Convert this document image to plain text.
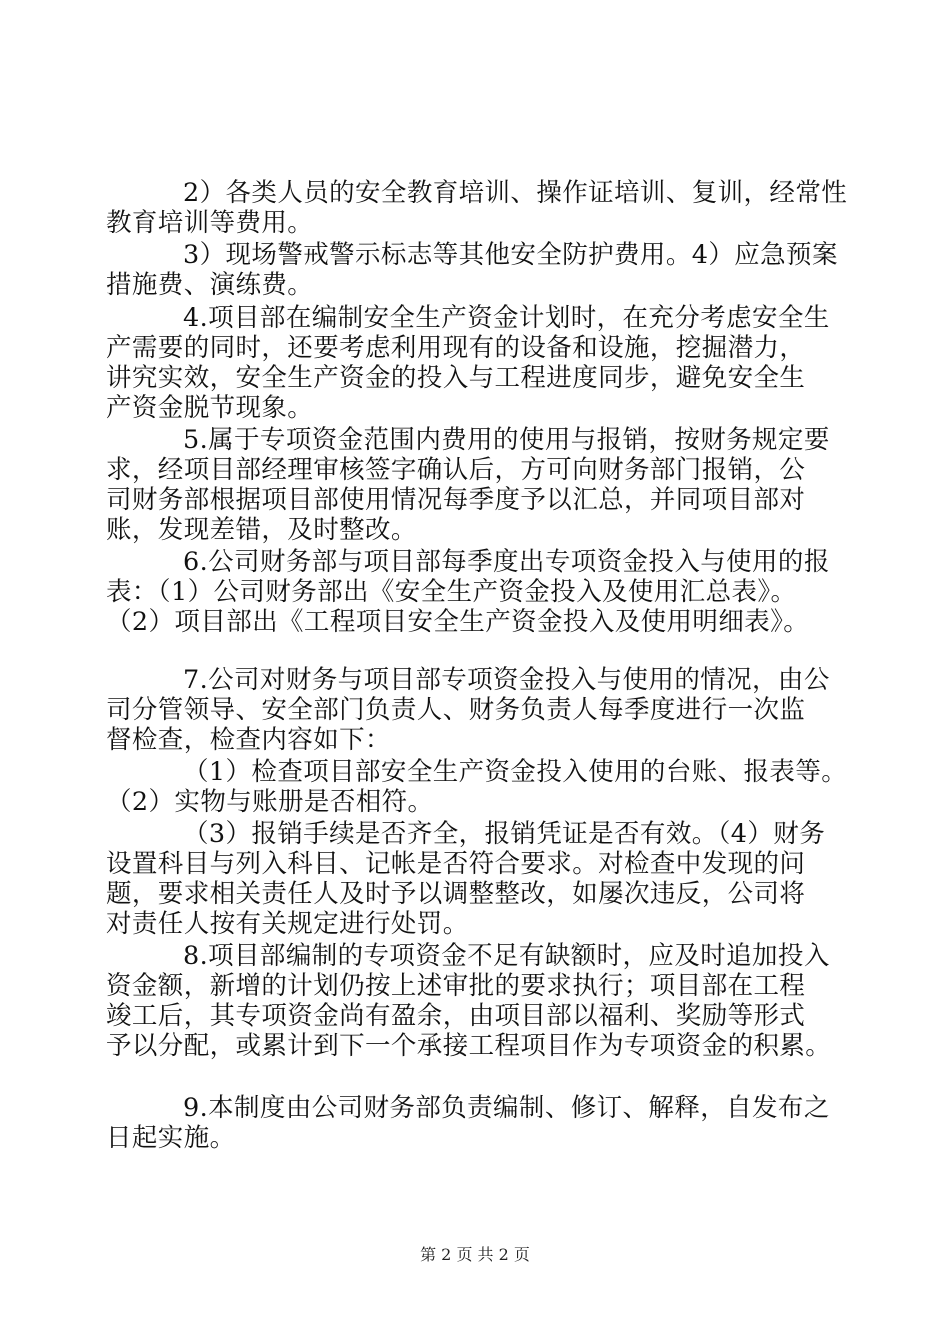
2）各类人员的安全教育培训、操作证培训、复训，经常性

教育培训等费用。

3）现场警戒警示标志等其他安全防护费用。4）应急预案

措施费、演练费。

4.项目部在编制安全生产资金计划时，在充分考虑安全生

产需要的同时，还要考虑利用现有的设备和设施，挖掘潜力，

讲究实效，安全生产资金的投入与工程进度同步，避免安全生

产资金脱节现象。

5.属于专项资金范围内费用的使用与报销，按财务规定要

求，经项目部经理审核签字确认后，方可向财务部门报销，公

司财务部根据项目部使用情况每季度予以汇总，并同项目部对

账，发现差错，及时整改。

6.公司财务部与项目部每季度出专项资金投入与使用的报

表：（1）公司财务部出《安全生产资金投入及使用汇总表》。

（2）项目部出《工程项目安全生产资金投入及使用明细表》。

7.公司对财务与项目部专项资金投入与使用的情况，由公

司分管领导、安全部门负责人、财务负责人每季度进行一次监

督检查，检查内容如下：

（1）检查项目部安全生产资金投入使用的台账、报表等。

（2）实物与账册是否相符。

（3）报销手续是否齐全，报销凭证是否有效。（4）财务

设置科目与列入科目、记帐是否符合要求。对检查中发现的问

题，要求相关责任人及时予以调整整改，如屡次违反，公司将

对责任人按有关规定进行处罚。

8.项目部编制的专项资金不足有缺额时，应及时追加投入

资金额，新增的计划仍按上述审批的要求执行；项目部在工程

竣工后，其专项资金尚有盈余，由项目部以福利、奖励等形式

予以分配，或累计到下一个承接工程项目作为专项资金的积累。

9.本制度由公司财务部负责编制、修订、解释，自发布之

日起实施。

第 2 页 共 2 页
